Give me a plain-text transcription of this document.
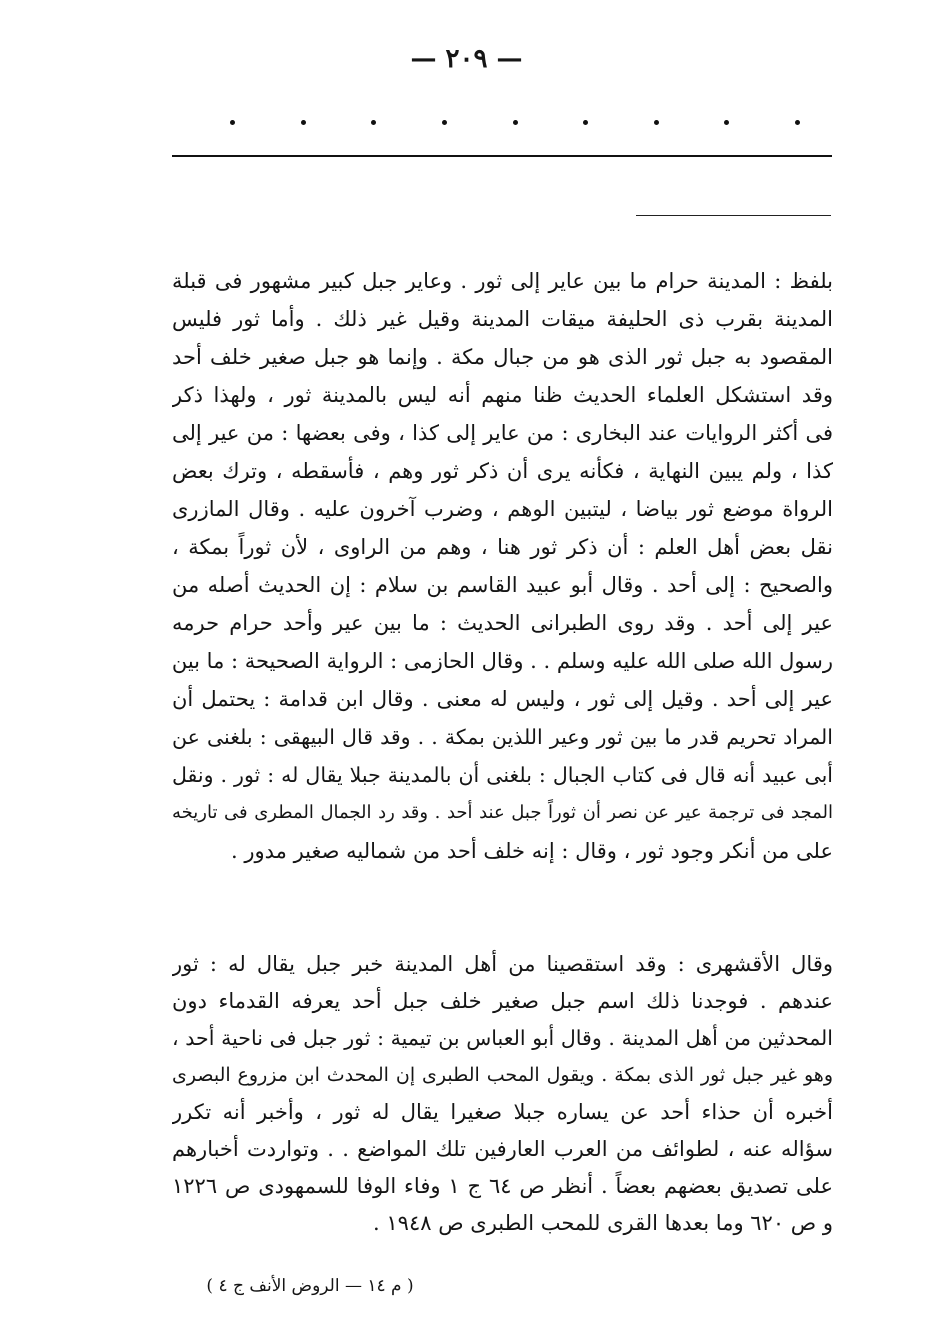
— ٢٠٩ —
بلفظ : المدينة حرام ما بين عاير إلى ثور . وعاير جبل كبير مشهور فى قبلة
المدينة بقرب ذى الحليفة ميقات المدينة وقيل غير ذلك . وأما ثور فليس
المقصود به جبل ثور الذى هو من جبال مكة . وإنما هو جبل صغير خلف أحد
وقد استشكل العلماء الحديث ظنا منهم أنه ليس بالمدينة ثور ، ولهذا ذكر
فى أكثر الروايات عند البخارى : من عاير إلى كذا ، وفى بعضها : من عير إلى
كذا ، ولم يبين النهاية ، فكأنه يرى أن ذكر ثور وهم ، فأسقطه ، وترك بعض
الرواة موضع ثور بياضا ، ليتبين الوهم ، وضرب آخرون عليه . وقال المازرى
نقل بعض أهل العلم : أن ذكر ثور هنا ، وهم من الراوى ، لأن ثوراً بمكة ،
والصحيح : إلى أحد . وقال أبو عبيد القاسم بن سلام : إن الحديث أصله من
عير إلى أحد . وقد روى الطبرانى الحديث : ما بين عير وأحد حرام حرمه
رسول الله صلى الله عليه وسلم . . وقال الحازمى : الرواية الصحيحة : ما بين
عير إلى أحد . وقيل إلى ثور ، وليس له معنى . وقال ابن قدامة : يحتمل أن
المراد تحريم قدر ما بين ثور وعير اللذين بمكة . . وقد قال البيهقى : بلغنى عن
أبى عبيد أنه قال فى كتاب الجبال : بلغنى أن بالمدينة جبلا يقال له : ثور . ونقل
المجد فى ترجمة عير عن نصر أن ثوراً جبل عند أحد . وقد رد الجمال المطرى فى تاريخه
على من أنكر وجود ثور ، وقال : إنه خلف أحد من شماليه صغير مدور .
وقال الأقشهرى : وقد استقصينا من أهل المدينة خبر جبل يقال له : ثور
عندهم . فوجدنا ذلك اسم جبل صغير خلف جبل أحد يعرفه القدماء دون
المحدثين من أهل المدينة . وقال أبو العباس بن تيمية : ثور جبل فى ناحية أحد ،
وهو غير جبل ثور الذى بمكة . ويقول المحب الطبرى إن المحدث ابن مزروع البصرى
أخبره أن حذاء أحد عن يساره جبلا صغيرا يقال له ثور ، وأخبر أنه تكرر
سؤاله عنه ، لطوائف من العرب العارفين تلك المواضع . . وتواردت أخبارهم
على تصديق بعضهم بعضاً . أنظر ص ٦٤ ج ١ وفاء الوفا للسمهودى ص ١٢٢٦
و ص ٦٢٠ وما بعدها القرى للمحب الطبرى ص ١٩٤٨ .
( م ١٤ — الروض الأنف ج ٤ )
